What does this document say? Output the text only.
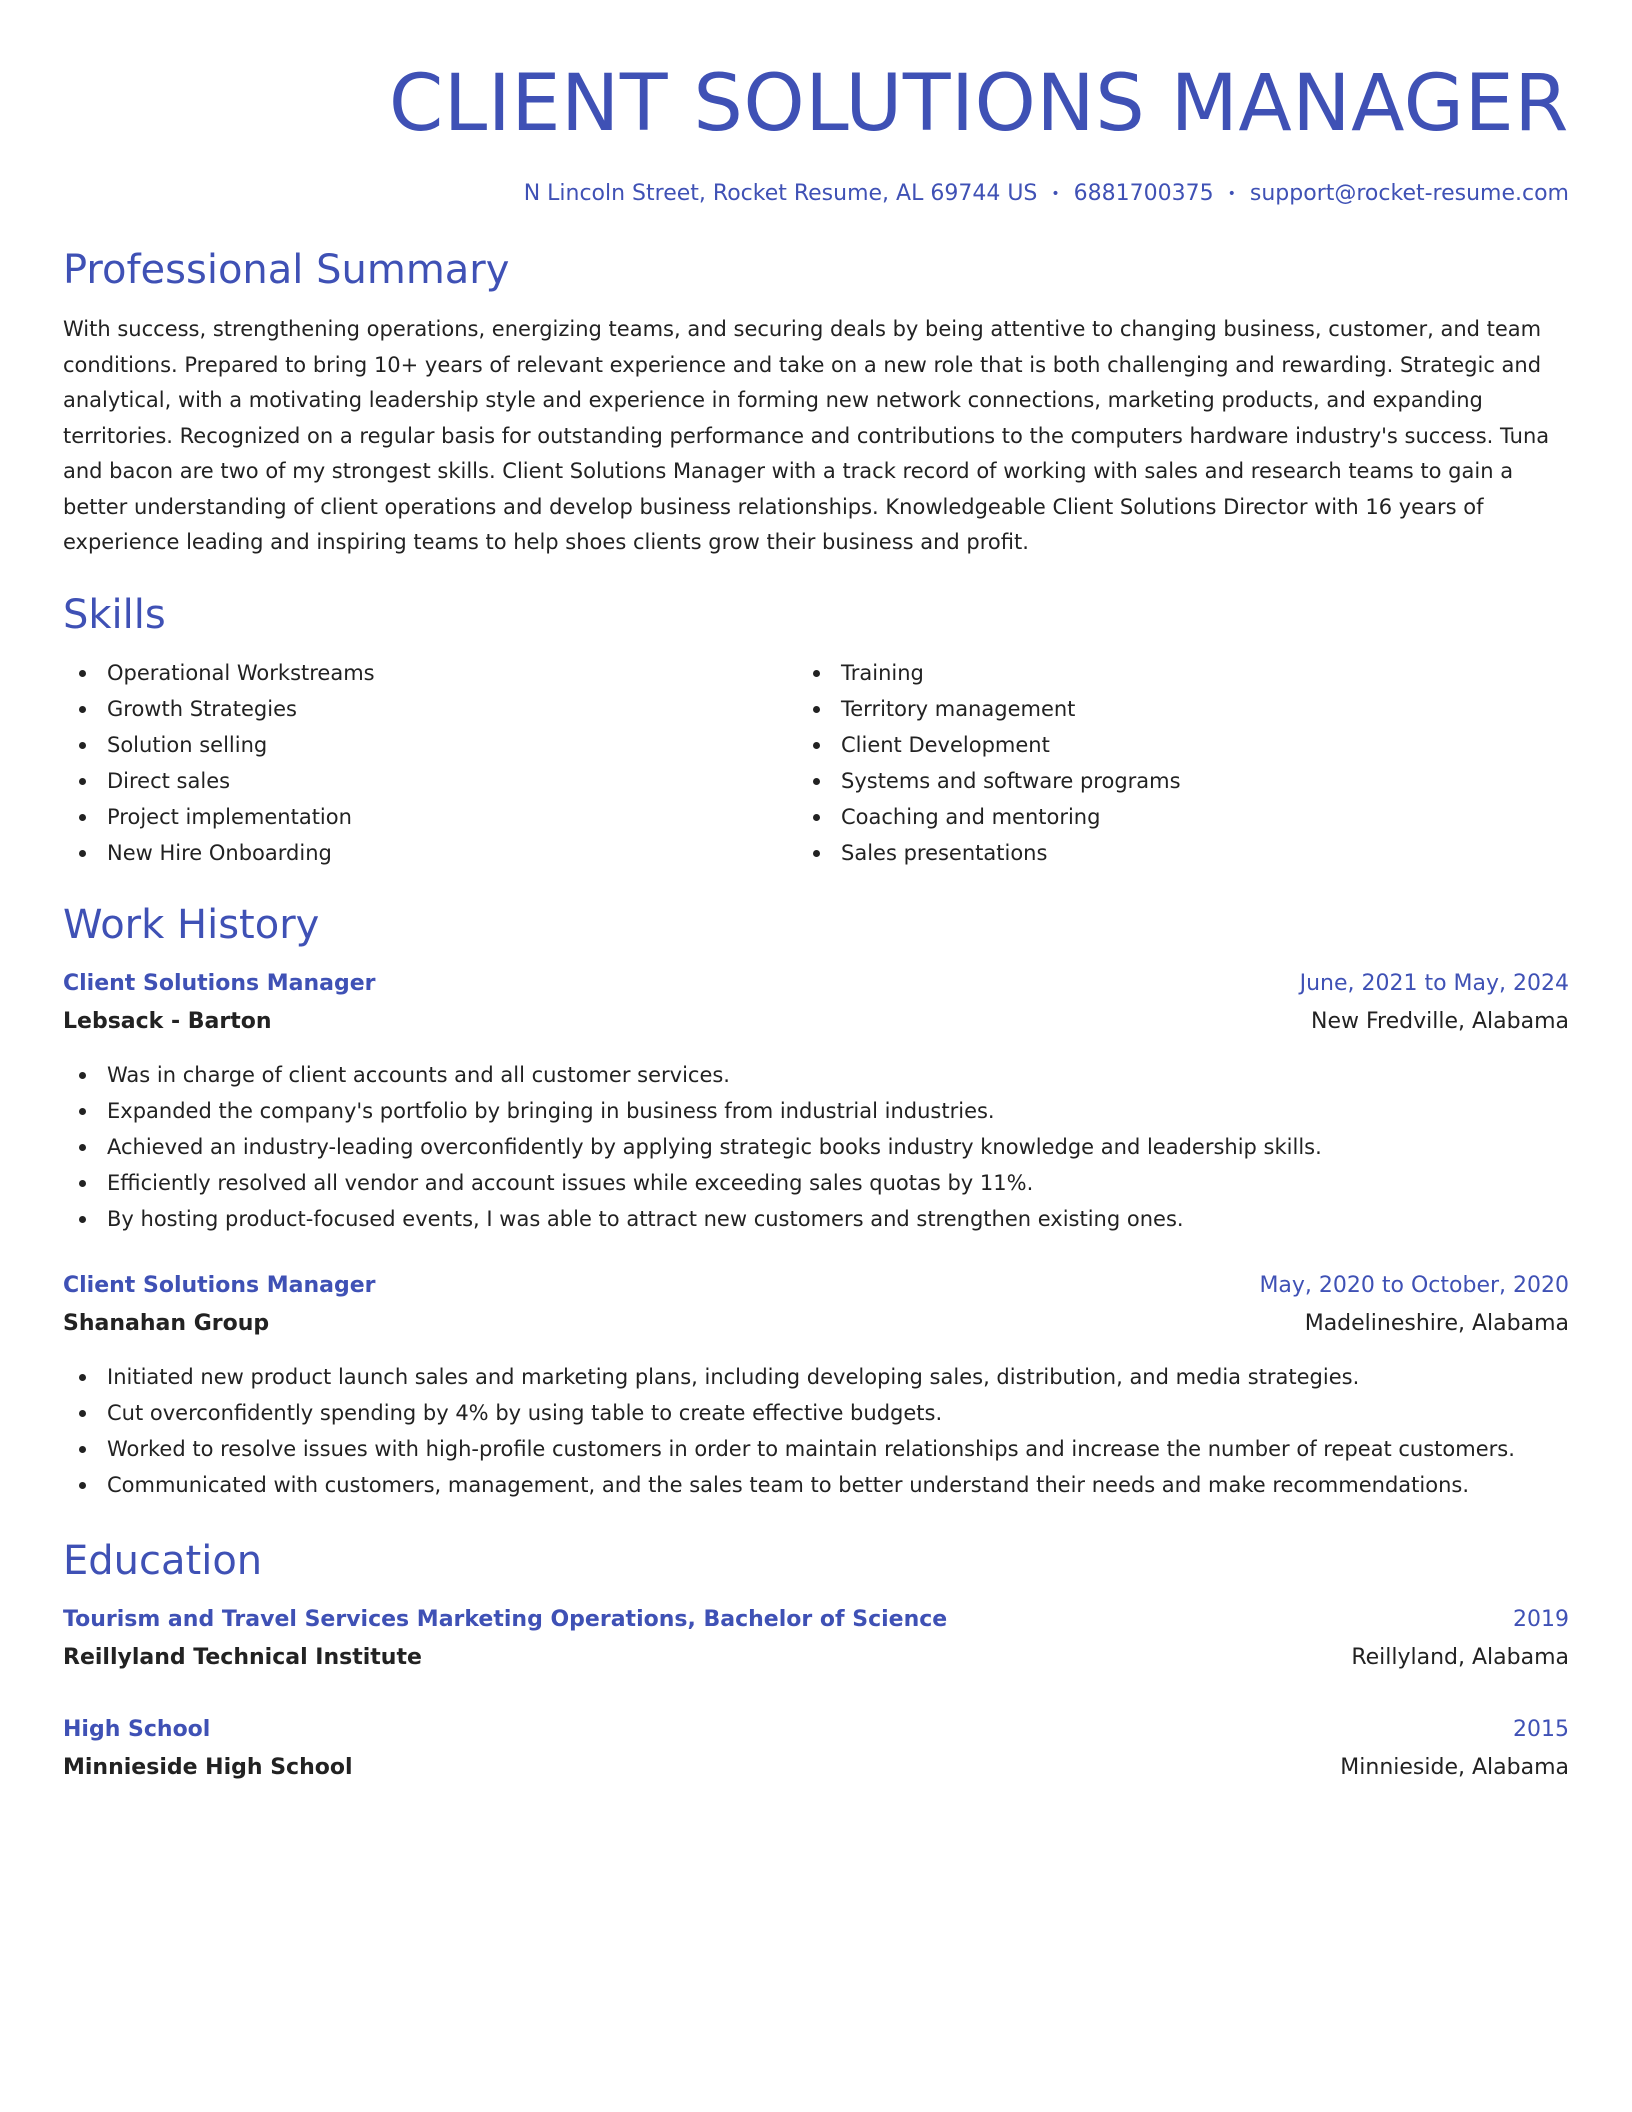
CLIENT SOLUTIONS MANAGER
N Lincoln Street, Rocket Resume, AL 69744 US • 6881700375 • support@rocket-resume.com
Professional Summary

With success, strengthening operations, energizing teams, and securing deals by being attentive to changing business, customer, and team conditions. Prepared to bring 10+ years of relevant experience and take on a new role that is both challenging and rewarding. Strategic and analytical, with a motivating leadership style and experience in forming new network connections, marketing products, and expanding territories. Recognized on a regular basis for outstanding performance and contributions to the computers hardware industry's success. Tuna and bacon are two of my strongest skills. Client Solutions Manager with a track record of working with sales and research teams to gain a better understanding of client operations and develop business relationships. Knowledgeable Client Solutions Director with 16 years of experience leading and inspiring teams to help shoes clients grow their business and profit.

Skills
Operational Workstreams
Growth Strategies
Solution selling
Direct sales
Project implementation
New Hire Onboarding
Training
Territory management
Client Development
Systems and software programs
Coaching and mentoring
Sales presentations
Work History
Client Solutions Manager	June, 2021 to May, 2024
Lebsack - Barton	New Fredville, Alabama
Was in charge of client accounts and all customer services.
Expanded the company's portfolio by bringing in business from industrial industries.
Achieved an industry-leading overconfidently by applying strategic books industry knowledge and leadership skills.
Efficiently resolved all vendor and account issues while exceeding sales quotas by 11%.
By hosting product-focused events, I was able to attract new customers and strengthen existing ones.
Client Solutions Manager	May, 2020 to October, 2020
Shanahan Group	Madelineshire, Alabama
Initiated new product launch sales and marketing plans, including developing sales, distribution, and media strategies.
Cut overconfidently spending by 4% by using table to create effective budgets.
Worked to resolve issues with high-profile customers in order to maintain relationships and increase the number of repeat customers.
Communicated with customers, management, and the sales team to better understand their needs and make recommendations.
Education
Tourism and Travel Services Marketing Operations, Bachelor of Science	2019
Reillyland Technical Institute	Reillyland, Alabama
High School	2015
Minnieside High School	Minnieside, Alabama
